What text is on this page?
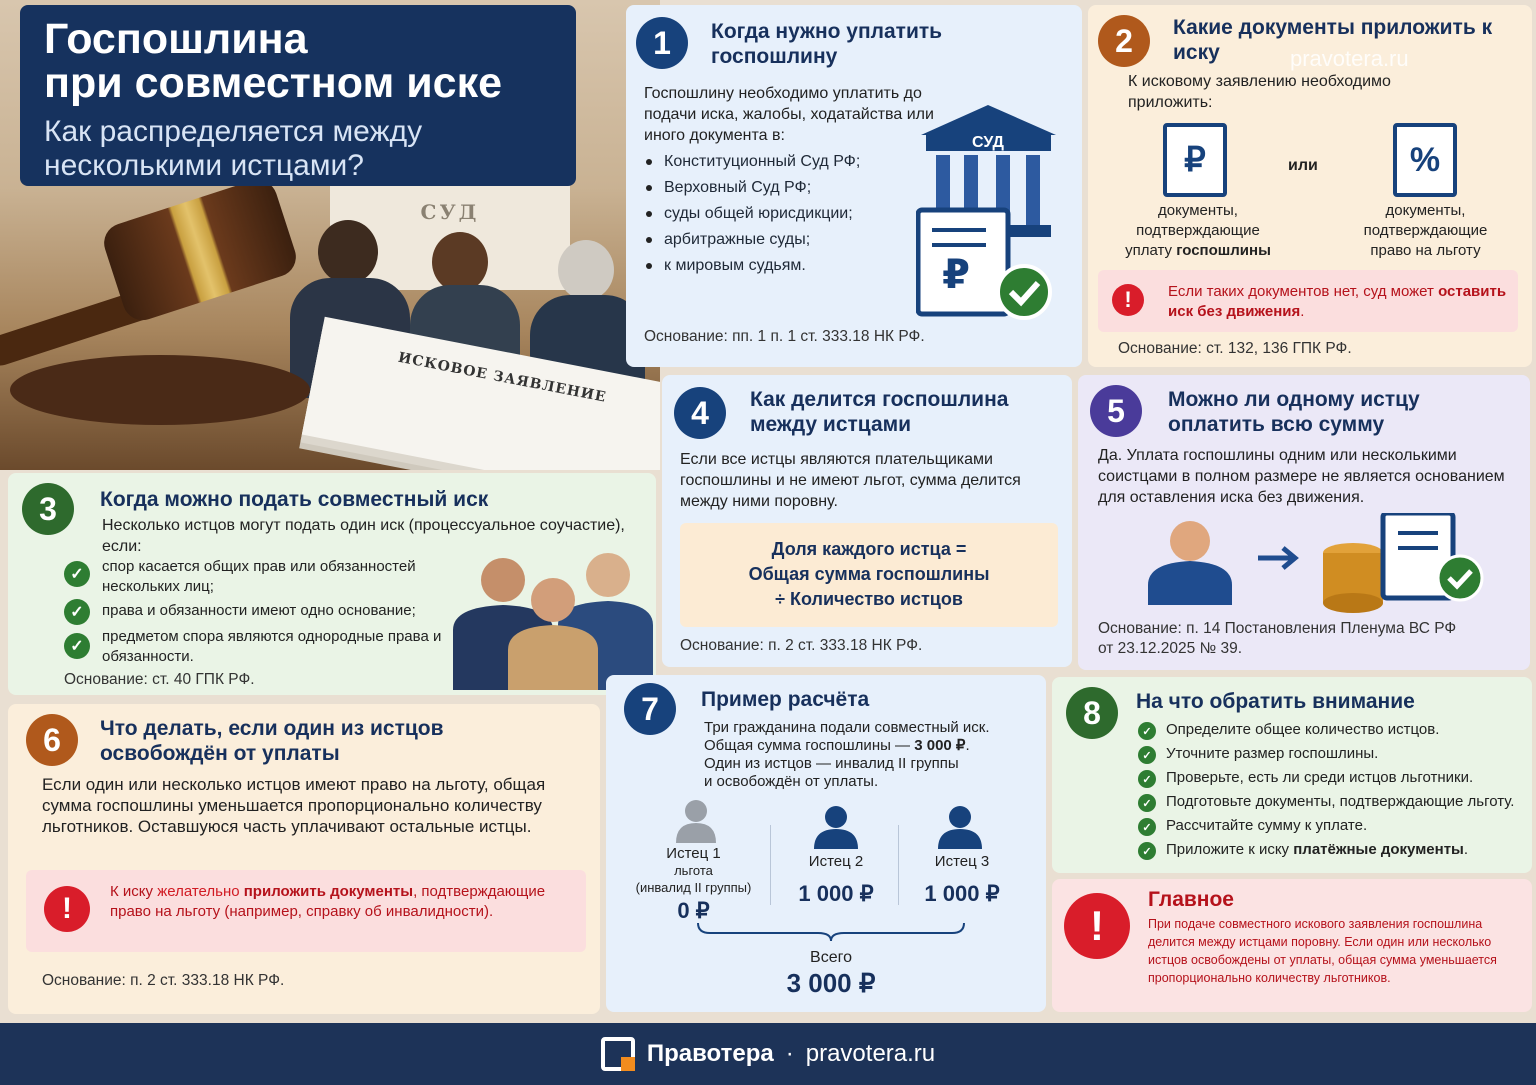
СУД
ИСКОВОЕ ЗАЯВЛЕНИЕ
Госпошлина
при совместном иске
Как распределяется между
несколькими истцами?
1	Когда нужно уплатить госпошлину
Госпошлину необходимо уплатить до подачи иска, жалобы, ходатайства или иного документа в:
Конституционный Суд РФ;
Верховный Суд РФ;
суды общей юрисдикции;
арбитражные суды;
к мировым судьям.
СУД
₽
Основание: пп. 1 п. 1 ст. 333.18 НК РФ.
2	Какие документы приложить к иску
К исковому заявлению необходимо приложить:
₽
документы,
подтверждающие
уплату госпошлины
или	%
документы,
подтверждающие
право на льготу
!	Если таких документов нет, суд может оставить иск без движения.
Основание: ст. 132, 136 ГПК РФ.
pravotera.ru
3	Когда можно подать совместный иск
Несколько истцов могут подать один иск (процессуальное соучастие), если:
✓	спор касается общих прав или обязанностей нескольких лиц;
✓	права и обязанности имеют одно основание;
✓
предметом спора являются однородные права и обязанности.
Основание: ст. 40 ГПК РФ.
4	Как делится госпошлина между истцами
Если все истцы являются плательщиками госпошлины и не имеют льгот, сумма делится между ними поровну.
Доля каждого истца =
Общая сумма госпошлины
÷ Количество истцов
Основание: п. 2 ст. 333.18 НК РФ.
5	Можно ли одному истцу оплатить всю сумму
Да. Уплата госпошлины одним или несколькими соистцами в полном размере не является основанием для оставления иска без движения.
Основание: п. 14 Постановления Пленума ВС РФ
от 23.12.2025 № 39.
6	Что делать, если один из истцов освобождён от уплаты
Если один или несколько истцов имеют право на льготу, общая сумма госпошлины уменьшается пропорционально количеству льготников. Оставшуюся часть уплачивают остальные истцы.
!
К иску желательно приложить документы, подтверждающие право на льготу (например, справку об инвалидности).
Основание: п. 2 ст. 333.18 НК РФ.
7	Пример расчёта
Три гражданина подали совместный иск.
Общая сумма госпошлины — 3 000 ₽.
Один из истцов — инвалид II группы
и освобождён от уплаты.
Истец 1
льгота
(инвалид II группы)
0 ₽
Истец 2
1 000 ₽
Истец 3
1 000 ₽
Всего
3 000 ₽
8	На что обратить внимание
✓ Определите общее количество истцов.
✓ Уточните размер госпошлины.
✓ Проверьте, есть ли среди истцов льготники.
✓ Подготовьте документы, подтверждающие льготу.
✓ Рассчитайте сумму к уплате.
✓ Приложите к иску платёжные документы.
!
Главное
При подаче совместного искового заявления госпошлина делится между истцами поровну. Если один или несколько истцов освобождены от уплаты, общая сумма уменьшается пропорционально количеству льготников.
Правотера · pravotera.ru
